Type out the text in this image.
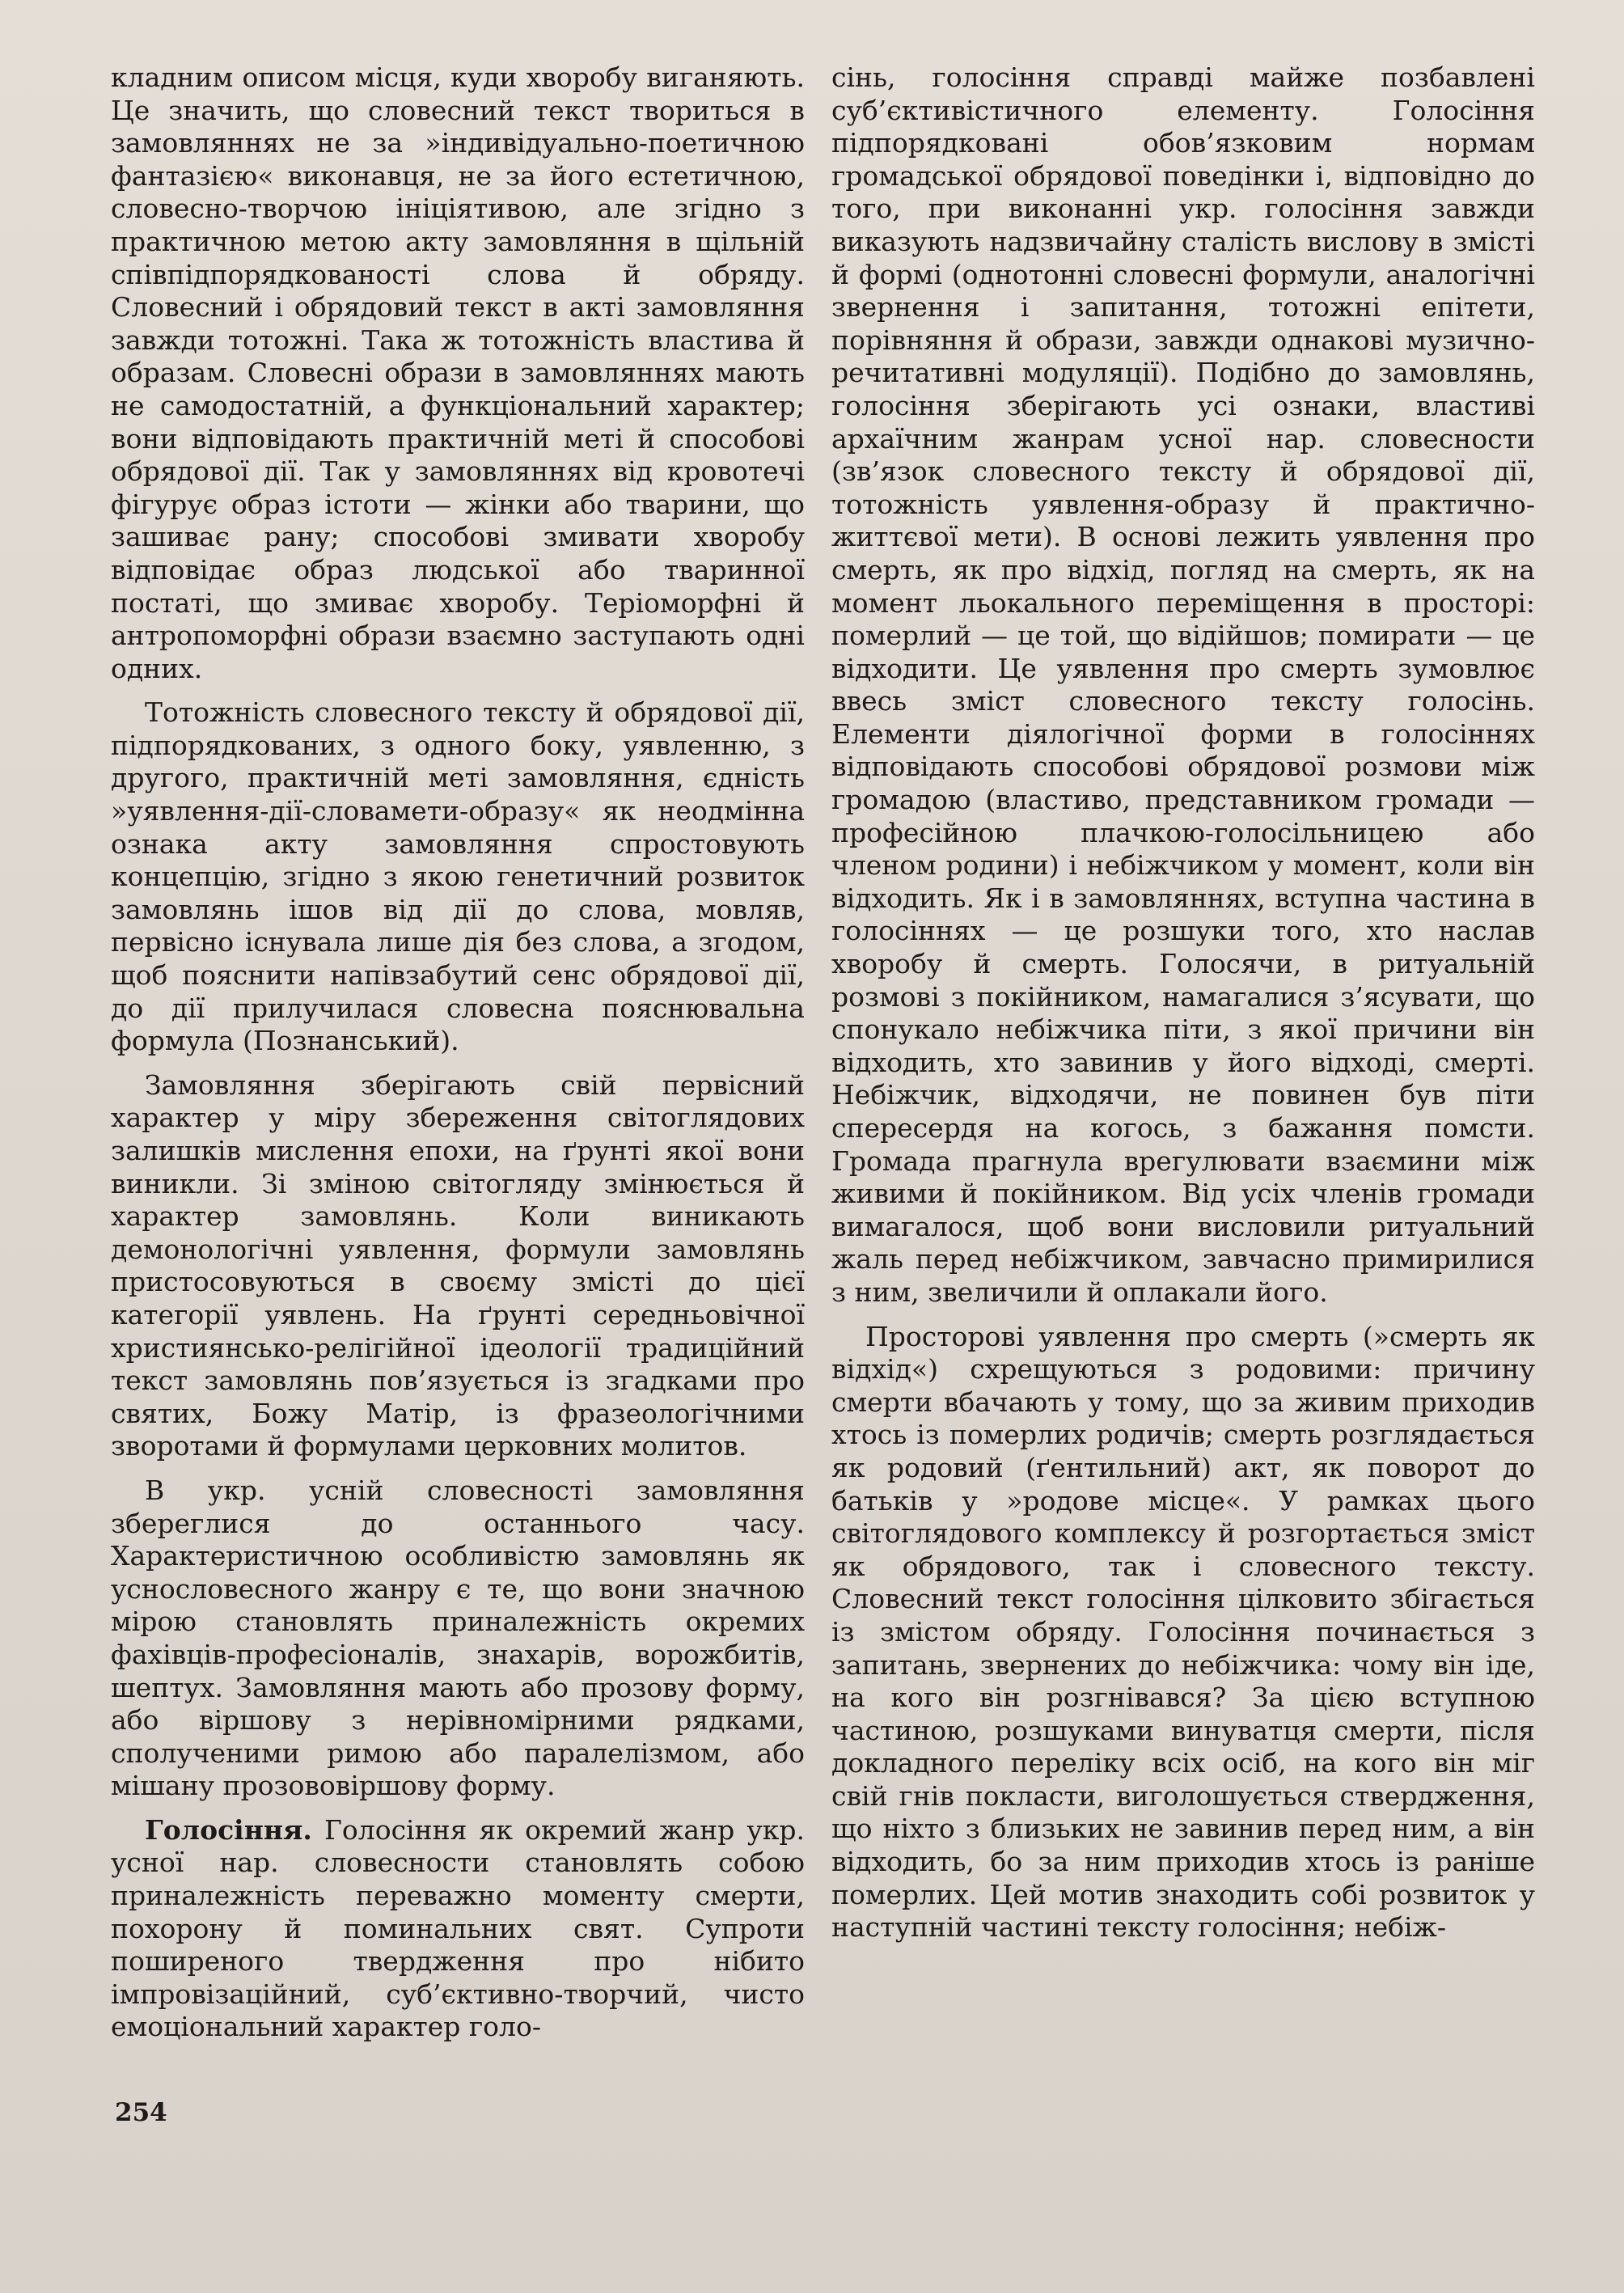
кладним описом місця, куди хворобу виганяють. Це значить, що словесний текст твориться в замовляннях не за »індивідуально-поетичною фантазією« виконавця, не за його естетичною, словесно-творчою ініціятивою, але згідно з практичною метою акту замовляння в щільній співпідпорядкованості слова й обряду. Словесний і обрядовий текст в акті замовляння завжди тотожні. Така ж тотожність властива й образам. Словесні образи в замовляннях мають не самодостатній, а функціональний характер; вони відповідають практичній меті й способові обрядової дії. Так у замовляннях від кровотечі фігурує образ істоти — жінки або тварини, що зашиває рану; способові змивати хворобу відповідає образ людської або тваринної постаті, що змиває хворобу. Теріоморфні й антропоморфні образи взаємно заступають одні одних.

Тотожність словесного тексту й обрядової дії, підпорядкованих, з одного боку, уявленню, з другого, практичній меті замовляння, єдність »уявлення-дії-словамети-образу« як неодмінна ознака акту замовляння спростовують концепцію, згідно з якою генетичний розвиток замовлянь ішов від дії до слова, мовляв, первісно існувала лише дія без слова, а згодом, щоб пояснити напівзабутий сенс обрядової дії, до дії прилучилася словесна пояснювальна формула (Познанський).

Замовляння зберігають свій первісний характер у міру збереження світоглядових залишків мислення епохи, на ґрунті якої вони виникли. Зі зміною світогляду змінюється й характер замовлянь. Коли виникають демонологічні уявлення, формули замовлянь пристосовуються в своєму змісті до цієї категорії уявлень. На ґрунті середньовічної християнсько-релігійної ідеології традиційний текст замовлянь пов’язується із згадками про святих, Божу Матір, із фразеологічними зворотами й формулами церковних молитов.

В укр. усній словесності замовляння збереглися до останнього часу. Характеристичною особливістю замовлянь як уснословесного жанру є те, що вони значною мірою становлять приналежність окремих фахівців-професіоналів, знахарів, ворожбитів, шептух. Замовляння мають або прозову форму, або віршову з нерівномірними рядками, сполученими римою або паралелізмом, або мішану прозововіршову форму.

Голосіння. Голосіння як окремий жанр укр. усної нар. словесности становлять собою приналежність переважно моменту смерти, похорону й поминальних свят. Супроти поширеного твердження про нібито імпровізаційний, суб’єктивно-творчий, чисто емоціональний характер голо-

сінь, голосіння справді майже позбавлені суб’єктивістичного елементу. Голосіння підпорядковані обов’язковим нормам громадської обрядової поведінки і, відповідно до того, при виконанні укр. голосіння завжди виказують надзвичайну сталість вислову в змісті й формі (однотонні словесні формули, аналогічні звернення і запитання, тотожні епітети, порівняння й образи, завжди однакові музично-речитативні модуляції). Подібно до замовлянь, голосіння зберігають усі ознаки, властиві архаїчним жанрам усної нар. словесности (зв’язок словесного тексту й обрядової дії, тотожність уявлення-образу й практично-життєвої мети). В основі лежить уявлення про смерть, як про відхід, погляд на смерть, як на момент льокального переміщення в просторі: померлий — це той, що відійшов; помирати — це відходити. Це уявлення про смерть зумовлює ввесь зміст словесного тексту голосінь. Елементи діялогічної форми в голосіннях відповідають способові обрядової розмови між громадою (властиво, представником громади — професійною плачкою-голосільницею або членом родини) і небіжчиком у момент, коли він відходить. Як і в замовляннях, вступна частина в голосіннях — це розшуки того, хто наслав хворобу й смерть. Голосячи, в ритуальній розмові з покійником, намагалися з’ясувати, що спонукало небіжчика піти, з якої причини він відходить, хто завинив у його відході, смерті. Небіжчик, відходячи, не повинен був піти спересердя на когось, з бажання помсти. Громада прагнула врегулювати взаємини між живими й покійником. Від усіх членів громади вимагалося, щоб вони висловили ритуальний жаль перед небіжчиком, завчасно примирилися з ним, звеличили й оплакали його.

Просторові уявлення про смерть (»смерть як відхід«) схрещуються з родовими: причину смерти вбачають у тому, що за живим приходив хтось із померлих родичів; смерть розглядається як родовий (ґентильний) акт, як поворот до батьків у »родове місце«. У рамках цього світоглядового комплексу й розгортається зміст як обрядового, так і словесного тексту. Словесний текст голосіння цілковито збігається із змістом обряду. Голосіння починається з запитань, звернених до небіжчика: чому він іде, на кого він розгнівався? За цією вступною частиною, розшуками винуватця смерти, після докладного переліку всіх осіб, на кого він міг свій гнів покласти, виголошується ствердження, що ніхто з близьких не завинив перед ним, а він відходить, бо за ним приходив хтось із раніше померлих. Цей мотив знаходить собі розвиток у наступній частині тексту голосіння; небіж-

254
